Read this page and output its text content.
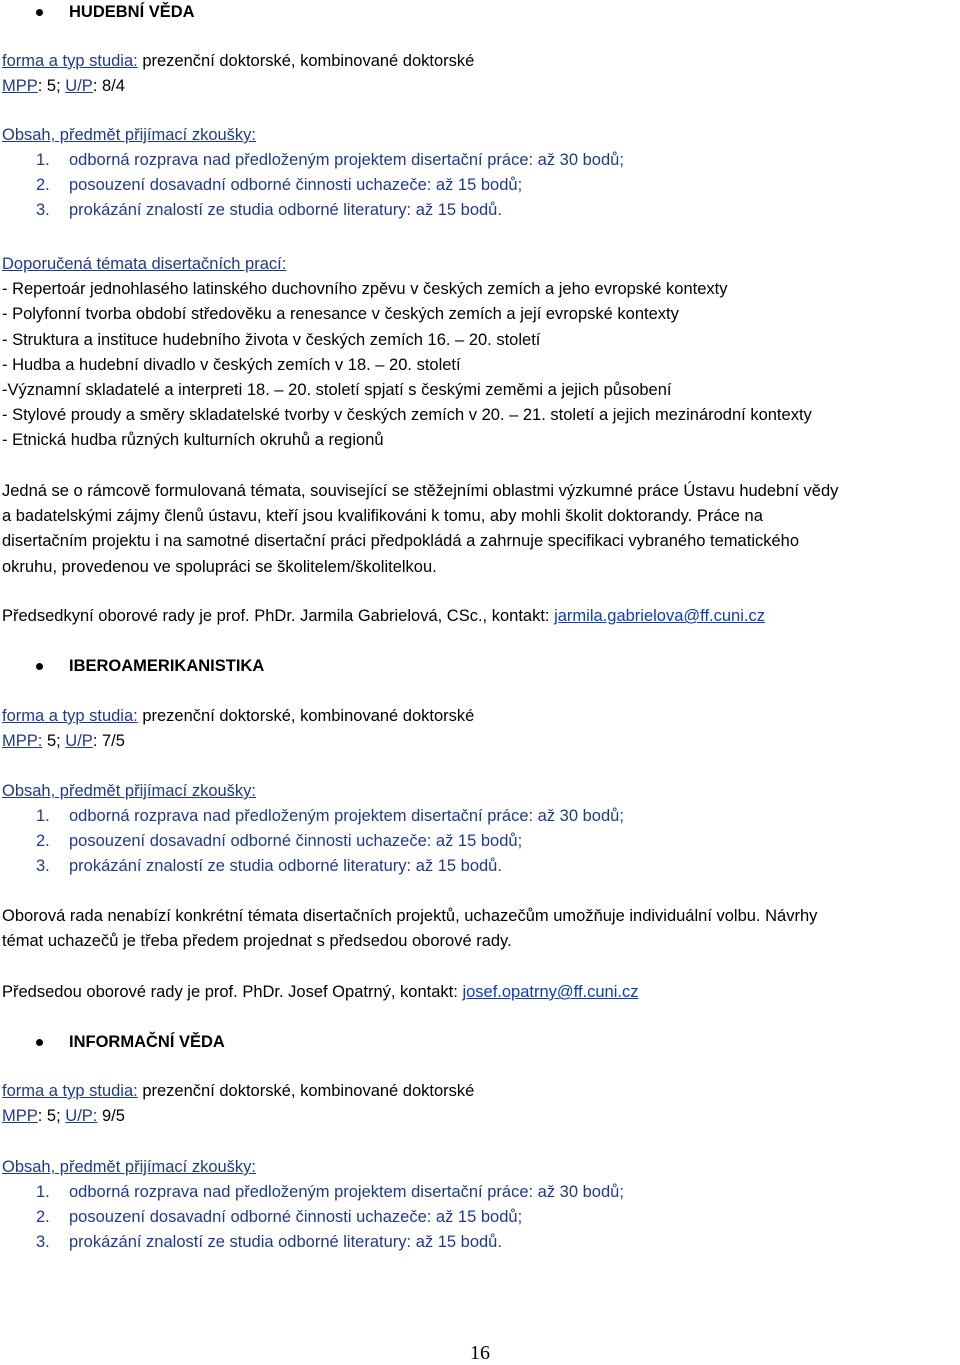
HUDEBNÍ VĚDA
forma a typ studia: prezenční doktorské, kombinované doktorské
MPP: 5; U/P: 8/4
Obsah, předmět přijímací zkoušky:
1. odborná rozprava nad předloženým projektem disertační práce: až 30 bodů;
2. posouzení dosavadní odborné činnosti uchazeče: až 15 bodů;
3. prokázání znalostí ze studia odborné literatury: až 15 bodů.
Doporučená témata disertačních prací:
- Repertoár jednohlasého latinského duchovního zpěvu v českých zemích a jeho evropské kontexty
- Polyfonní tvorba období středověku a renesance v českých zemích a její evropské kontexty
- Struktura a instituce hudebního života v českých zemích 16. – 20. století
- Hudba a hudební divadlo v českých zemích v 18. – 20. století
-Významní skladatelé a interpreti 18. – 20. století spjatí s českými zeměmi a jejich působení
- Stylové proudy a směry skladatelské tvorby v českých zemích v 20. – 21. století a jejich mezinárodní kontexty
- Etnická hudba různých kulturních okruhů a regionů
Jedná se o rámcově formulovaná témata, související se stěžejními oblastmi výzkumné práce Ústavu hudební vědy
a badatelskými zájmy členů ústavu, kteří jsou kvalifikováni k tomu, aby mohli školit doktorandy. Práce na
disertačním projektu i na samotné disertační práci předpokládá a zahrnuje specifikaci vybraného tematického
okruhu, provedenou ve spolupráci se školitelem/školitelkou.
Předsedkyní oborové rady je prof. PhDr. Jarmila Gabrielová, CSc., kontakt: jarmila.gabrielova@ff.cuni.cz
IBEROAMERIKANISTIKA
forma a typ studia: prezenční doktorské, kombinované doktorské
MPP: 5; U/P: 7/5
Obsah, předmět přijímací zkoušky:
1. odborná rozprava nad předloženým projektem disertační práce: až 30 bodů;
2. posouzení dosavadní odborné činnosti uchazeče: až 15 bodů;
3. prokázání znalostí ze studia odborné literatury: až 15 bodů.
Oborová rada nenabízí konkrétní témata disertačních projektů, uchazečům umožňuje individuální volbu. Návrhy
témat uchazečů je třeba předem projednat s předsedou oborové rady.
Předsedou oborové rady je prof. PhDr. Josef Opatrný, kontakt: josef.opatrny@ff.cuni.cz
INFORMAČNÍ VĚDA
forma a typ studia: prezenční doktorské, kombinované doktorské
MPP: 5; U/P: 9/5
Obsah, předmět přijímací zkoušky:
1. odborná rozprava nad předloženým projektem disertační práce: až 30 bodů;
2. posouzení dosavadní odborné činnosti uchazeče: až 15 bodů;
3. prokázání znalostí ze studia odborné literatury: až 15 bodů.
16
